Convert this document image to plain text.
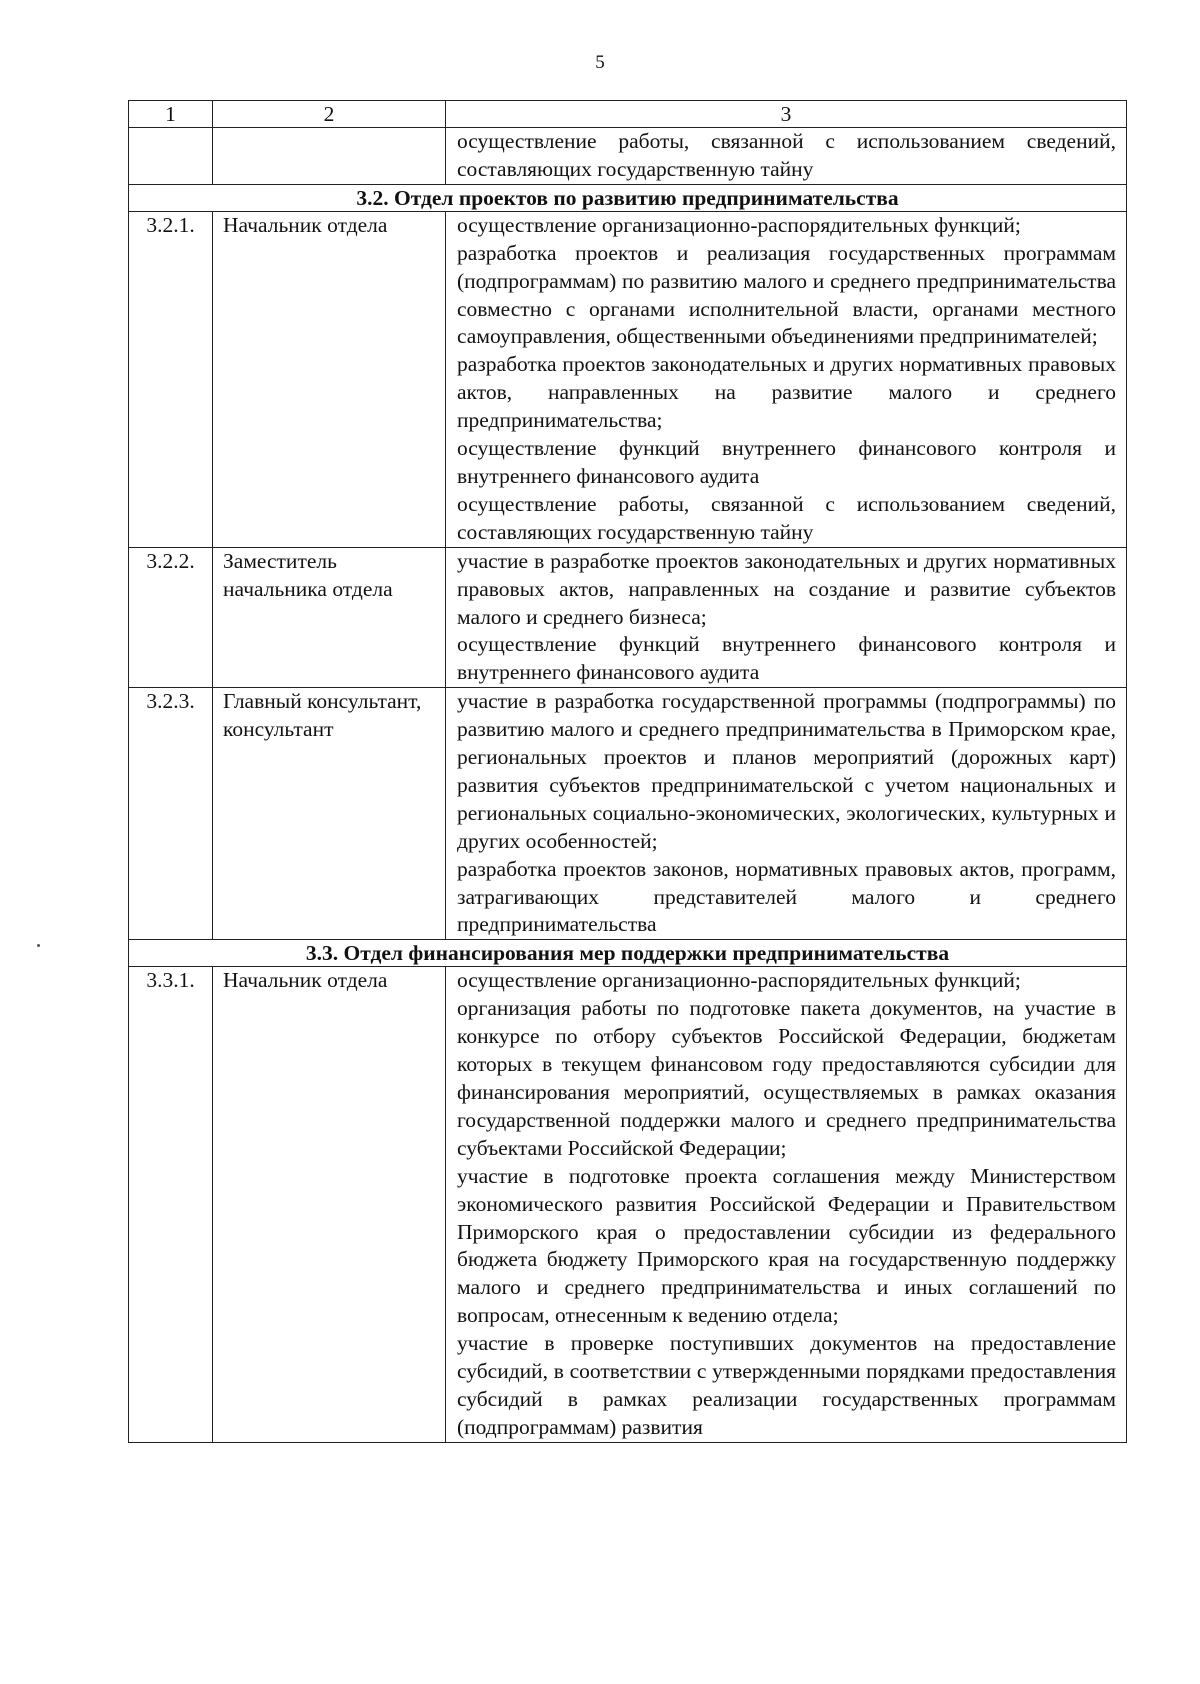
5
1	2	3

		осуществление работы, связанной с использованием сведений, составляющих государственную тайну

3.2. Отдел проектов по развитию предпринимательства		
3.2.1.	Начальник отдела	осуществление организационно-распорядительных функций;

разработка проектов и реализация государственных программам (подпрограммам) по развитию малого и среднего предпринимательства совместно с органами исполнительной власти, органами местного самоуправления, общественными объединениями предпринимателей;

разработка проектов законодательных и других нормативных правовых актов, направленных на развитие малого и среднего предпринимательства;

осуществление функций внутреннего финансового контроля и внутреннего финансового аудита

осуществление работы, связанной с использованием сведений, составляющих государственную тайну

3.2.2.	Заместитель начальника отдела	участие в разработке проектов законодательных и других нормативных правовых актов, направленных на создание и развитие субъектов малого и среднего бизнеса;

осуществление функций внутреннего финансового контроля и внутреннего финансового аудита

3.2.3.	Главный консультант, консультант	участие в разработка государственной программы (подпрограммы) по развитию малого и среднего предпринимательства в Приморском крае, региональных проектов и планов мероприятий (дорожных карт) развития субъектов предпринимательской с учетом национальных и региональных социально-экономических, экологических, культурных и других особенностей;

разработка проектов законов, нормативных правовых актов, программ, затрагивающих представителей малого и среднего предпринимательства

3.3. Отдел финансирования мер поддержки предпринимательства		
3.3.1.	Начальник отдела	осуществление организационно-распорядительных функций;

организация работы по подготовке пакета документов, на участие в конкурсе по отбору субъектов Российской Федерации, бюджетам которых в текущем финансовом году предоставляются субсидии для финансирования мероприятий, осуществляемых в рамках оказания государственной поддержки малого и среднего предпринимательства субъектами Российской Федерации;

участие в подготовке проекта соглашения между Министерством экономического развития Российской Федерации и Правительством Приморского края о предоставлении субсидии из федерального бюджета бюджету Приморского края на государственную поддержку малого и среднего предпринимательства и иных соглашений по вопросам, отнесенным к ведению отдела;

участие в проверке поступивших документов на предоставление субсидий, в соответствии с утвержденными порядками предоставления субсидий в рамках реализации государственных программам (подпрограммам) развития
